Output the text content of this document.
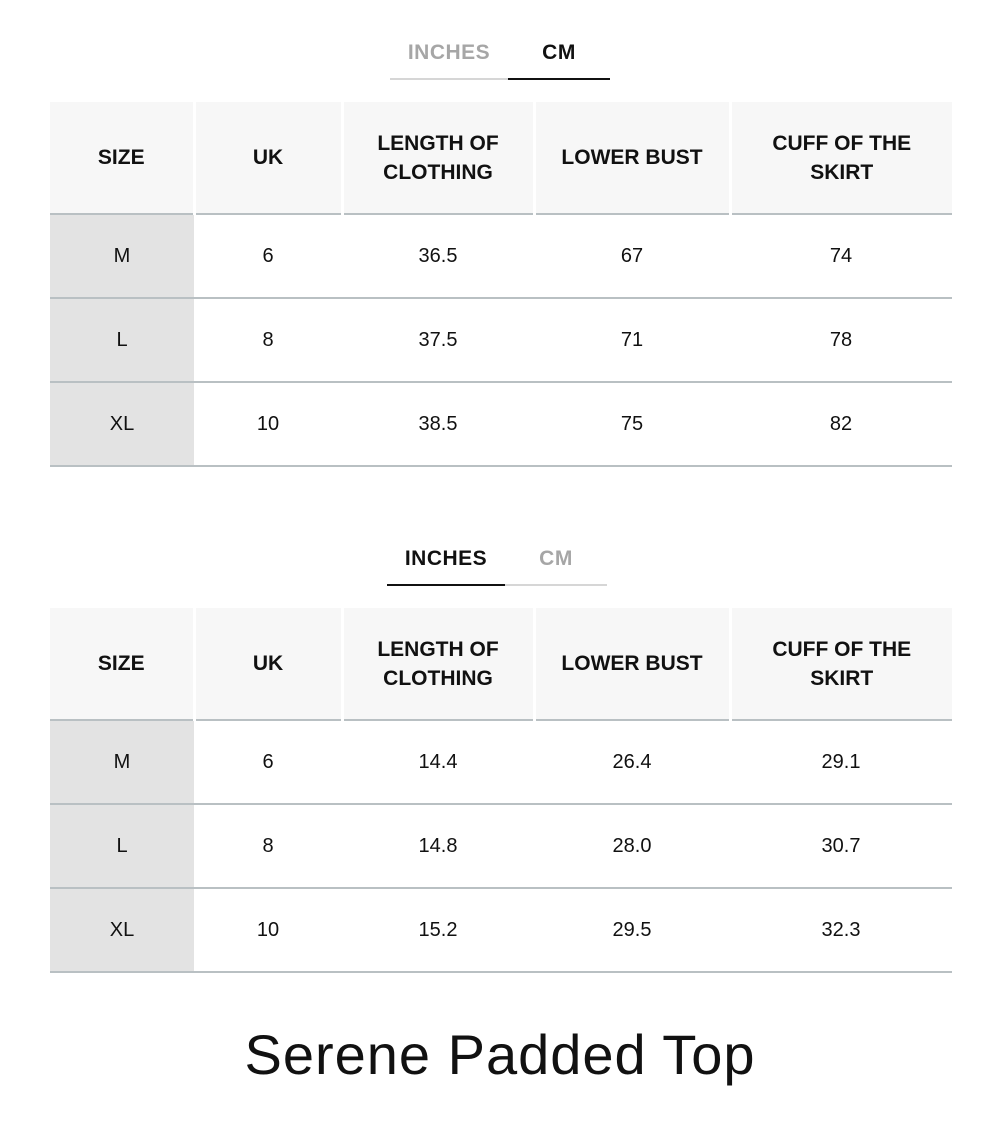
INCHES	CM
SIZE	UK	LENGTH OF CLOTHING	LOWER BUST	CUFF OF THE SKIRT
M	6	36.5	67	74
L	8	37.5	71	78
XL	10	38.5	75	82
INCHES	CM
SIZE	UK	LENGTH OF CLOTHING	LOWER BUST	CUFF OF THE SKIRT
M	6	14.4	26.4	29.1
L	8	14.8	28.0	30.7
XL	10	15.2	29.5	32.3
Serene Padded Top
